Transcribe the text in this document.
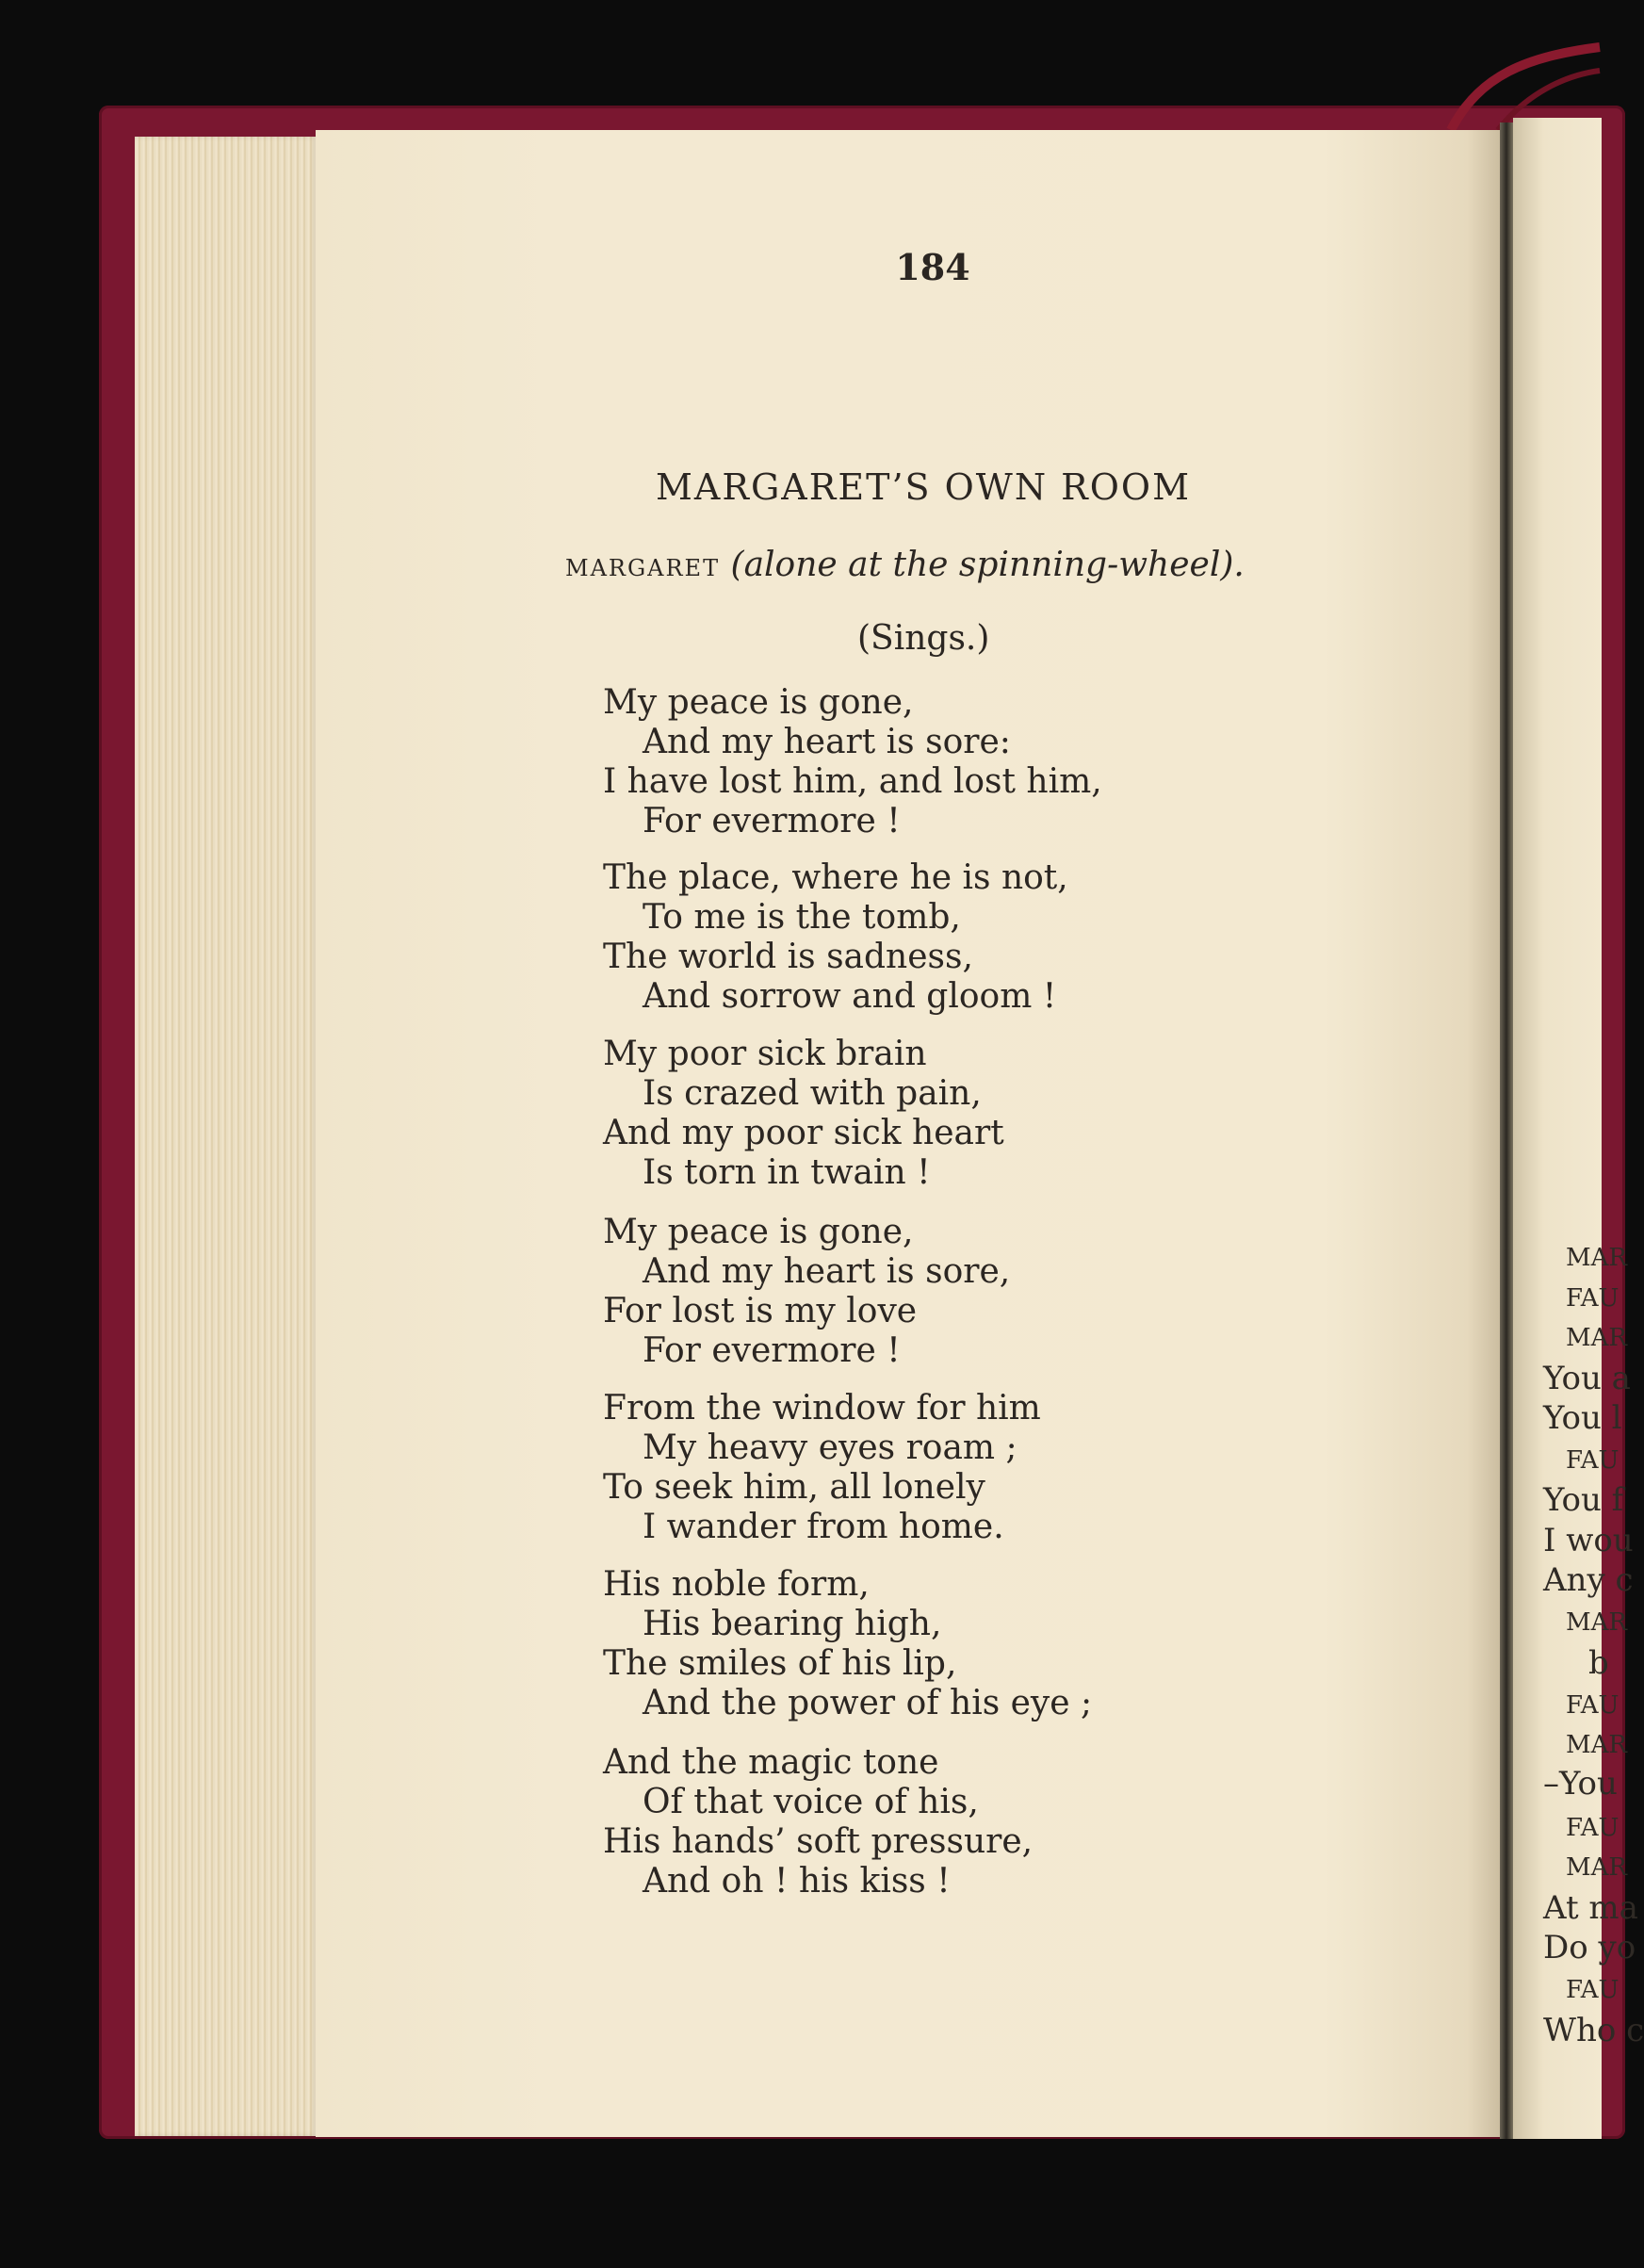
184

MARGARET’S OWN ROOM

margaret (alone at the spinning-wheel).

(Sings.)

My peace is gone,
And my heart is sore:
I have lost him, and lost him,
For evermore !
The place, where he is not,
To me is the tomb,
The world is sadness,
And sorrow and gloom !
My poor sick brain
Is crazed with pain,
And my poor sick heart
Is torn in twain !
My peace is gone,
And my heart is sore,
For lost is my love
For evermore !
From the window for him
My heavy eyes roam ;
To seek him, all lonely
I wander from home.
His noble form,
His bearing high,
The smiles of his lip,
And the power of his eye ;
And the magic tone
Of that voice of his,
His hands’ soft pressure,
And oh ! his kiss !
MAR
FAU
MAR
You a
You l
FAU
You f
I wou
Any c
MAR
b
FAU
MAR
–You
FAU
MAR
At ma
Do yo
FAU
Who c
